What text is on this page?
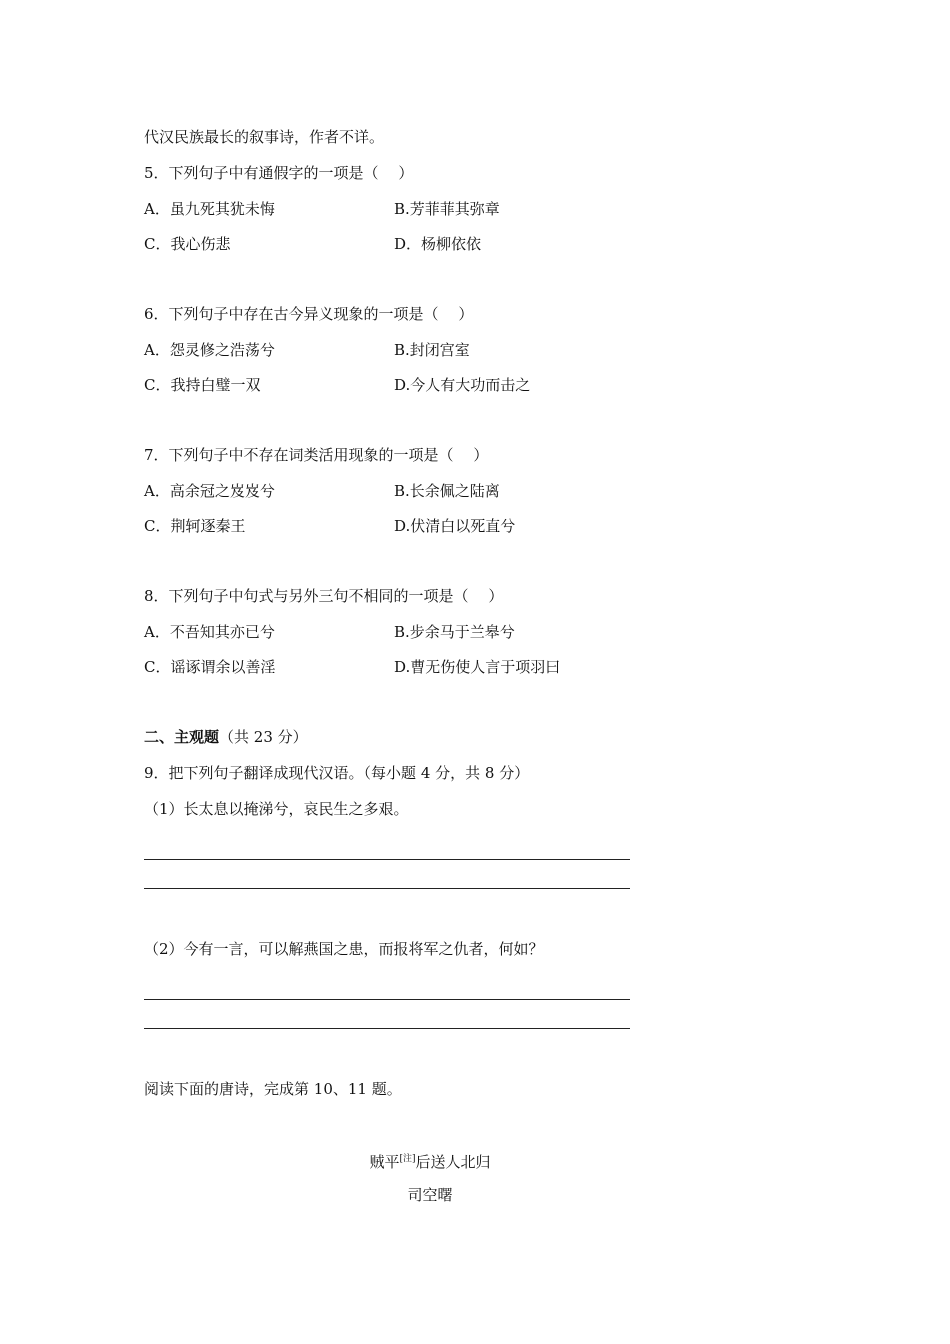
代汉民族最长的叙事诗，作者不详。
5．下列句子中有通假字的一项是（　 ）
A．虽九死其犹未悔	B.芳菲菲其弥章
C．我心伤悲	D．杨柳依依
6．下列句子中存在古今异义现象的一项是（　 ）
A．怨灵修之浩荡兮	B.封闭宫室
C．我持白璧一双	D.今人有大功而击之
7．下列句子中不存在词类活用现象的一项是（　 ）
A．高余冠之岌岌兮	B.长余佩之陆离
C．荆轲逐秦王	D.伏清白以死直兮
8．下列句子中句式与另外三句不相同的一项是（　 ）
A．不吾知其亦已兮	B.步余马于兰皋兮
C．谣诼谓余以善淫	D.曹无伤使人言于项羽曰
二、主观题（共 23 分）
9．把下列句子翻译成现代汉语。（每小题 4 分，共 8 分）
（1）长太息以掩涕兮，哀民生之多艰。
（2）今有一言，可以解燕国之患，而报将军之仇者，何如？
阅读下面的唐诗，完成第 10、11 题。
贼平[注]后送人北归
司空曙
